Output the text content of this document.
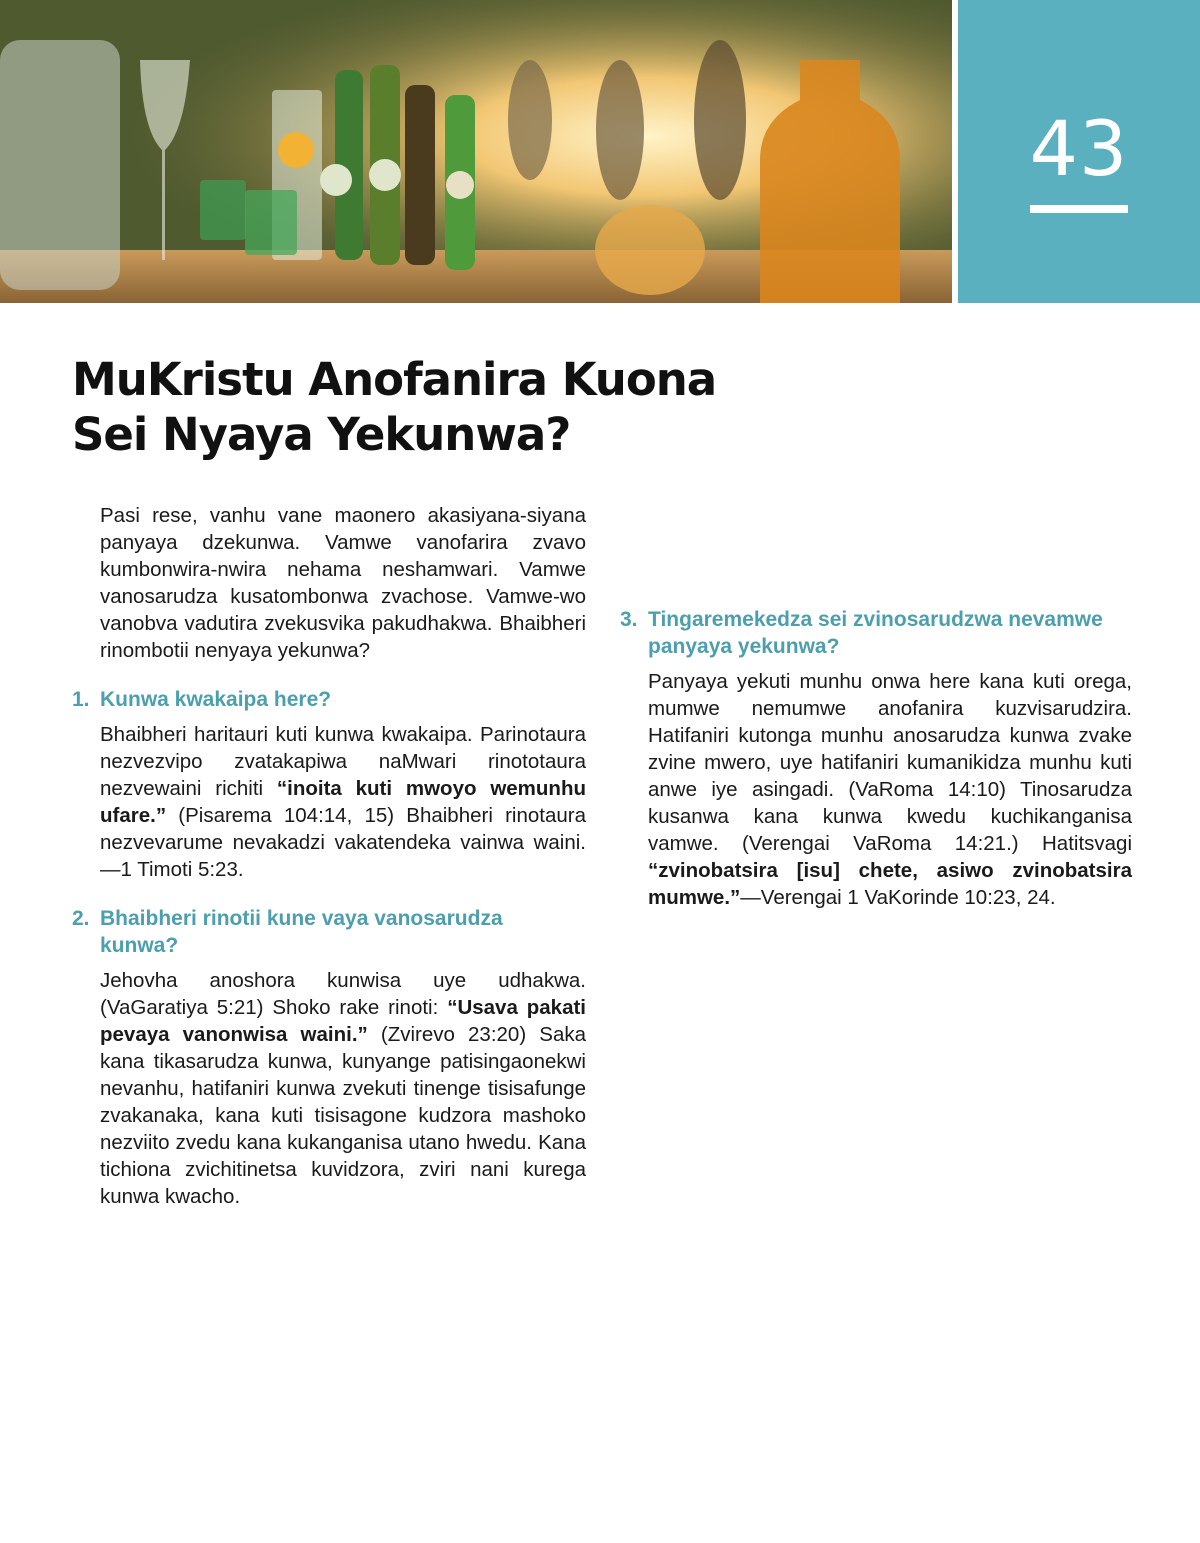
43
MuKristu Anofanira Kuona
Sei Nyaya Yekunwa?

Pasi rese, vanhu vane maonero akasiyana-siyana panyaya dzekunwa. Vamwe vanofarira zvavo kumbonwira-nwira nehama neshamwari. Vamwe vanosarudza kusatombonwa zvachose. Vamwe-wo vanobva vadutira zvekusvika pakudhakwa. Bhaibheri rinombotii nenyaya yekunwa?

1. Kunwa kwakaipa here?

Bhaibheri haritauri kuti kunwa kwakaipa. Parinotaura nezvezvipo zvatakapiwa naMwari rinototaura nezvewaini richiti “inoita kuti mwoyo wemunhu ufare.” (Pisarema 104:14, 15) Bhaibheri rinotaura nezvevarume nevakadzi vakatendeka vainwa waini.—1 Timoti 5:23.

2. Bhaibheri rinotii kune vaya vanosarudza kunwa?

Jehovha anoshora kunwisa uye udhakwa. (VaGaratiya 5:21) Shoko rake rinoti: “Usava pakati pevaya vanonwisa waini.” (Zvirevo 23:20) Saka kana tikasarudza kunwa, kunyange patisingaonekwi nevanhu, hatifaniri kunwa zvekuti tinenge tisisafunge zvakanaka, kana kuti tisisagone kudzora mashoko nezviito zvedu kana kukanganisa utano hwedu. Kana tichiona zvichitinetsa kuvidzora, zviri nani kurega kunwa kwacho.

3. Tingaremekedza sei zvinosarudzwa nevamwe panyaya yekunwa?

Panyaya yekuti munhu onwa here kana kuti orega, mumwe nemumwe anofanira kuzvisarudzira. Hatifaniri kutonga munhu anosarudza kunwa zvake zvine mwero, uye hatifaniri kumanikidza munhu kuti anwe iye asingadi. (VaRoma 14:10) Tinosarudza kusanwa kana kunwa kwedu kuchikanganisa vamwe. (Verengai VaRoma 14:21.) Hatitsvagi “zvinobatsira [isu] chete, asiwo zvinobatsira mumwe.”—Verengai 1 VaKorinde 10:23, 24.
